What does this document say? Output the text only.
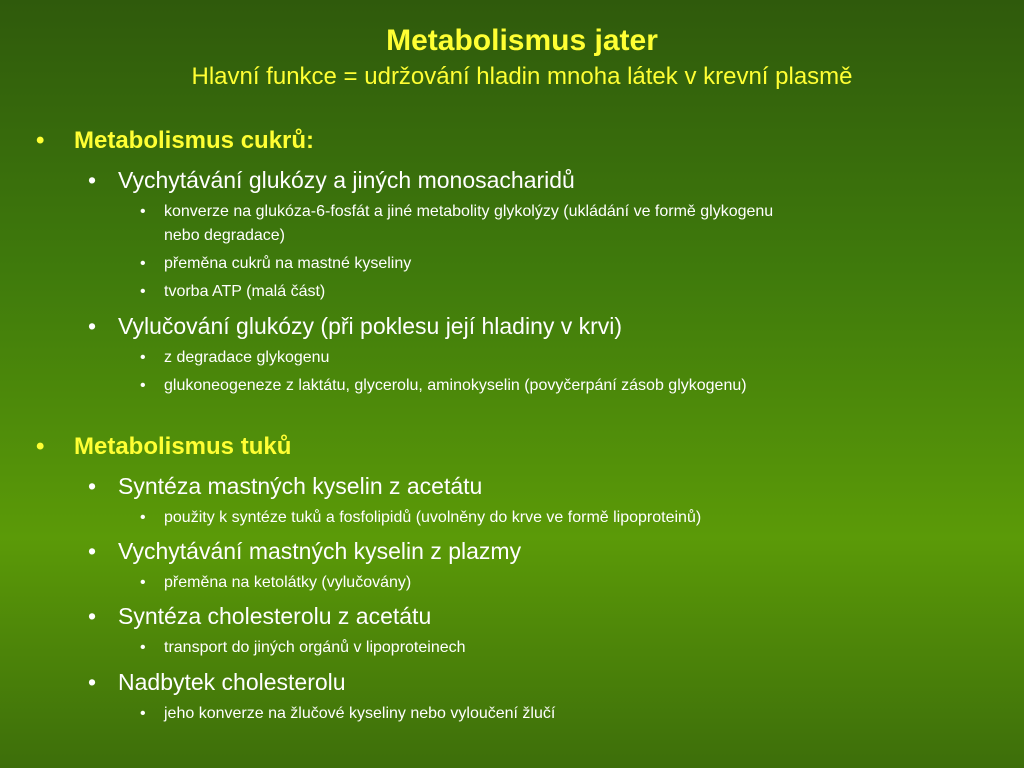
Metabolismus jater
Hlavní funkce = udržování hladin mnoha látek v krevní plasmě
• Metabolismus cukrů:
• Vychytávání glukózy a jiných monosacharidů
• konverze na glukóza-6-fosfát a jiné metabolity glykolýzy (ukládání ve formě glykogenu
nebo degradace)
• přeměna cukrů na mastné kyseliny
• tvorba ATP (malá část)
• Vylučování glukózy (při poklesu její hladiny v krvi)
• z degradace glykogenu
• glukoneogeneze z laktátu, glycerolu, aminokyselin (povyčerpání zásob glykogenu)
• Metabolismus tuků
• Syntéza mastných kyselin z acetátu
• použity k syntéze tuků a fosfolipidů (uvolněny do krve ve formě lipoproteinů)
• Vychytávání mastných kyselin z plazmy
• přeměna na ketolátky (vylučovány)
• Syntéza cholesterolu z acetátu
• transport do jiných orgánů v lipoproteinech
• Nadbytek cholesterolu
• jeho konverze na žlučové kyseliny nebo vyloučení žlučí
